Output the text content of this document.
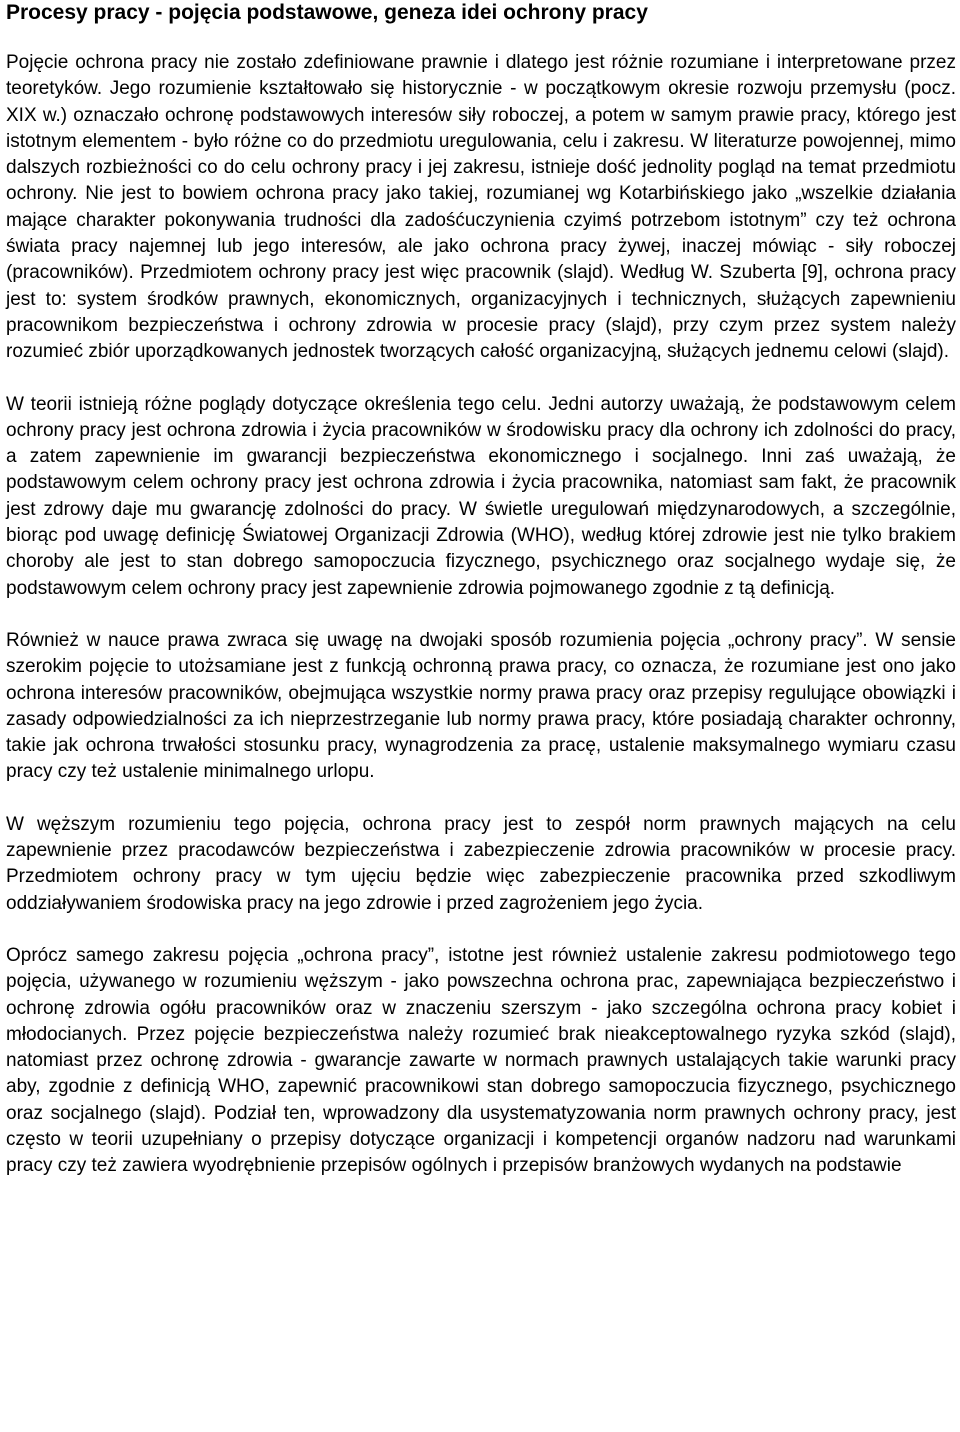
Procesy pracy - pojęcia podstawowe, geneza idei ochrony pracy

Pojęcie ochrona pracy nie zostało zdefiniowane prawnie i dlatego jest różnie rozumiane i interpretowane przez teoretyków. Jego rozumienie kształtowało się historycznie - w początkowym okresie rozwoju przemysłu (pocz. XIX w.) oznaczało ochronę podstawowych interesów siły roboczej, a potem w samym prawie pracy, którego jest istotnym elementem - było różne co do przedmiotu uregulowania, celu i zakresu. W literaturze powojennej, mimo dalszych rozbieżności co do celu ochrony pracy i jej zakresu, istnieje dość jednolity pogląd na temat przedmiotu ochrony. Nie jest to bowiem ochrona pracy jako takiej, rozumianej wg Kotarbińskiego jako „wszelkie działania mające charakter pokonywania trudności dla zadośćuczynienia czyimś potrzebom istotnym” czy też ochrona świata pracy najemnej lub jego interesów, ale jako ochrona pracy żywej, inaczej mówiąc - siły roboczej (pracowników). Przedmiotem ochrony pracy jest więc pracownik (slajd). Według W. Szuberta [9], ochrona pracy jest to: system środków prawnych, ekonomicznych, organizacyjnych i technicznych, służących zapewnieniu pracownikom bezpieczeństwa i ochrony zdrowia w procesie pracy (slajd), przy czym przez system należy rozumieć zbiór uporządkowanych jednostek tworzących całość organizacyjną, służących jednemu celowi (slajd).

W teorii istnieją różne poglądy dotyczące określenia tego celu. Jedni autorzy uważają, że podstawowym celem ochrony pracy jest ochrona zdrowia i życia pracowników w środowisku pracy dla ochrony ich zdolności do pracy, a zatem zapewnienie im gwarancji bezpieczeństwa ekonomicznego i socjalnego. Inni zaś uważają, że podstawowym celem ochrony pracy jest ochrona zdrowia i życia pracownika, natomiast sam fakt, że pracownik jest zdrowy daje mu gwarancję zdolności do pracy. W świetle uregulowań międzynarodowych, a szczególnie, biorąc pod uwagę definicję Światowej Organizacji Zdrowia (WHO), według której zdrowie jest nie tylko brakiem choroby ale jest to stan dobrego samopoczucia fizycznego, psychicznego oraz socjalnego wydaje się, że podstawowym celem ochrony pracy jest zapewnienie zdrowia pojmowanego zgodnie z tą definicją.

Również w nauce prawa zwraca się uwagę na dwojaki sposób rozumienia pojęcia „ochrony pracy”. W sensie szerokim pojęcie to utożsamiane jest z funkcją ochronną prawa pracy, co oznacza, że rozumiane jest ono jako ochrona interesów pracowników, obejmująca wszystkie normy prawa pracy oraz przepisy regulujące obowiązki i zasady odpowiedzialności za ich nieprzestrzeganie lub normy prawa pracy, które posiadają charakter ochronny, takie jak ochrona trwałości stosunku pracy, wynagrodzenia za pracę, ustalenie maksymalnego wymiaru czasu pracy czy też ustalenie minimalnego urlopu.

W węższym rozumieniu tego pojęcia, ochrona pracy jest to zespół norm prawnych mających na celu zapewnienie przez pracodawców bezpieczeństwa i zabezpieczenie zdrowia pracowników w procesie pracy. Przedmiotem ochrony pracy w tym ujęciu będzie więc zabezpieczenie pracownika przed szkodliwym oddziaływaniem środowiska pracy na jego zdrowie i przed zagrożeniem jego życia.

Oprócz samego zakresu pojęcia „ochrona pracy”, istotne jest również ustalenie zakresu podmiotowego tego pojęcia, używanego w rozumieniu węższym - jako powszechna ochrona prac, zapewniająca bezpieczeństwo i ochronę zdrowia ogółu pracowników oraz w znaczeniu szerszym - jako szczególna ochrona pracy kobiet i młodocianych. Przez pojęcie bezpieczeństwa należy rozumieć brak nieakceptowalnego ryzyka szkód (slajd), natomiast przez ochronę zdrowia - gwarancje zawarte w normach prawnych ustalających takie warunki pracy aby, zgodnie z definicją WHO, zapewnić pracownikowi stan dobrego samopoczucia fizycznego, psychicznego oraz socjalnego (slajd). Podział ten, wprowadzony dla usystematyzowania norm prawnych ochrony pracy, jest często w teorii uzupełniany o przepisy dotyczące organizacji i kompetencji organów nadzoru nad warunkami pracy czy też zawiera wyodrębnienie przepisów ogólnych i przepisów branżowych wydanych na podstawie
